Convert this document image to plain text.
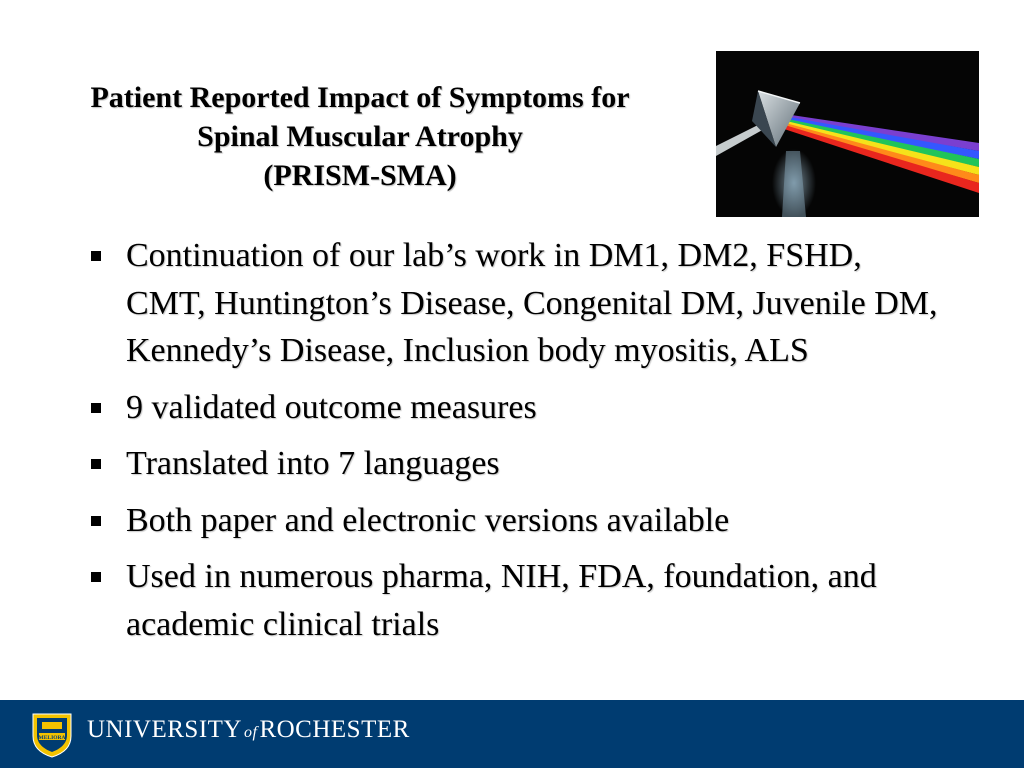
Patient Reported Impact of Symptoms for
Spinal Muscular Atrophy
(PRISM-SMA)
Continuation of our lab’s work in DM1, DM2, FSHD, CMT, Huntington’s Disease, Congenital DM, Juvenile DM, Kennedy’s Disease, Inclusion body myositis, ALS
9 validated outcome measures
Translated into 7 languages
Both paper and electronic versions available
Used in numerous pharma, NIH, FDA, foundation, and academic clinical trials
MELIORA UNIVERSITY ofROCHESTER
